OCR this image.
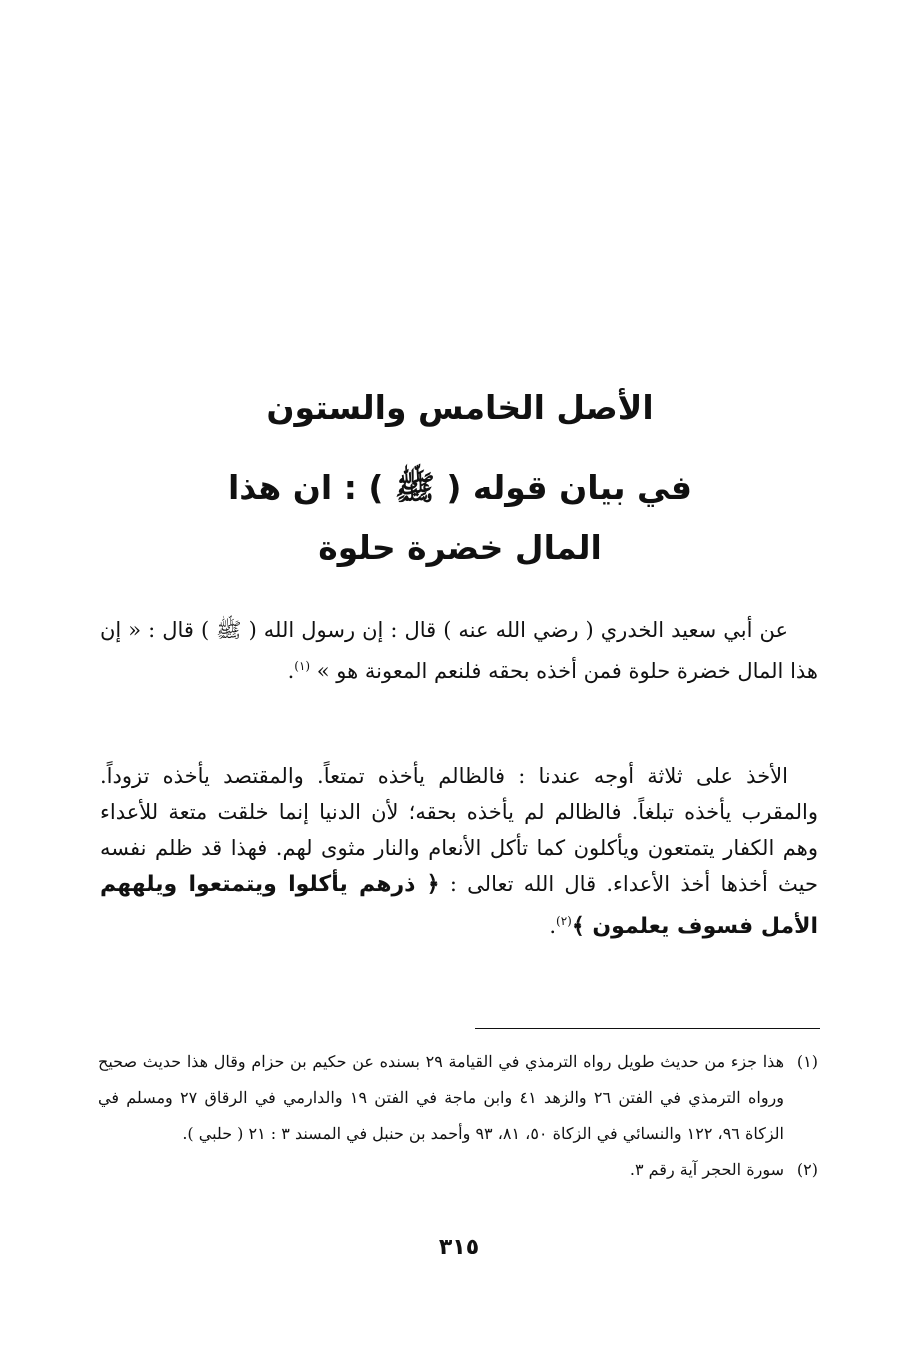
الأصل الخامس والستون

في بيان قوله ( ﷺ ) : ان هذا

المال خضرة حلوة

عن أبي سعيد الخدري ( رضي الله عنه ) قال : إن رسول الله ( ﷺ ) قال : « إن هذا المال خضرة حلوة فمن أخذه بحقه فلنعم المعونة هو » $^{(١)}$.

الأخذ على ثلاثة أوجه عندنا : فالظالم يأخذه تمتعاً. والمقتصد يأخذه تزوداً. والمقرب يأخذه تبلغاً. فالظالم لم يأخذه بحقه؛ لأن الدنيا إنما خلقت متعة للأعداء وهم الكفار يتمتعون ويأكلون كما تأكل الأنعام والنار مثوى لهم. فهذا قد ظلم نفسه حيث أخذها أخذ الأعداء. قال الله تعالى : ﴿ ذرهم يأكلوا ويتمتعوا ويلههم الأمل فسوف يعلمون ﴾$^{(٢)}$.

(١)
هذا جزء من حديث طويل رواه الترمذي في القيامة ٢٩ بسنده عن حكيم بن حزام وقال هذا حديث صحيح ورواه الترمذي في الفتن ٢٦ والزهد ٤١ وابن ماجة في الفتن ١٩ والدارمي في الرقاق ٢٧ ومسلم في الزكاة ٩٦، ١٢٢ والنسائي في الزكاة ٥٠، ٨١، ٩٣ وأحمد بن حنبل في المسند ٣ : ٢١ ( حلبي ).
(٢)
سورة الحجر آية رقم ٣.
٣١٥
